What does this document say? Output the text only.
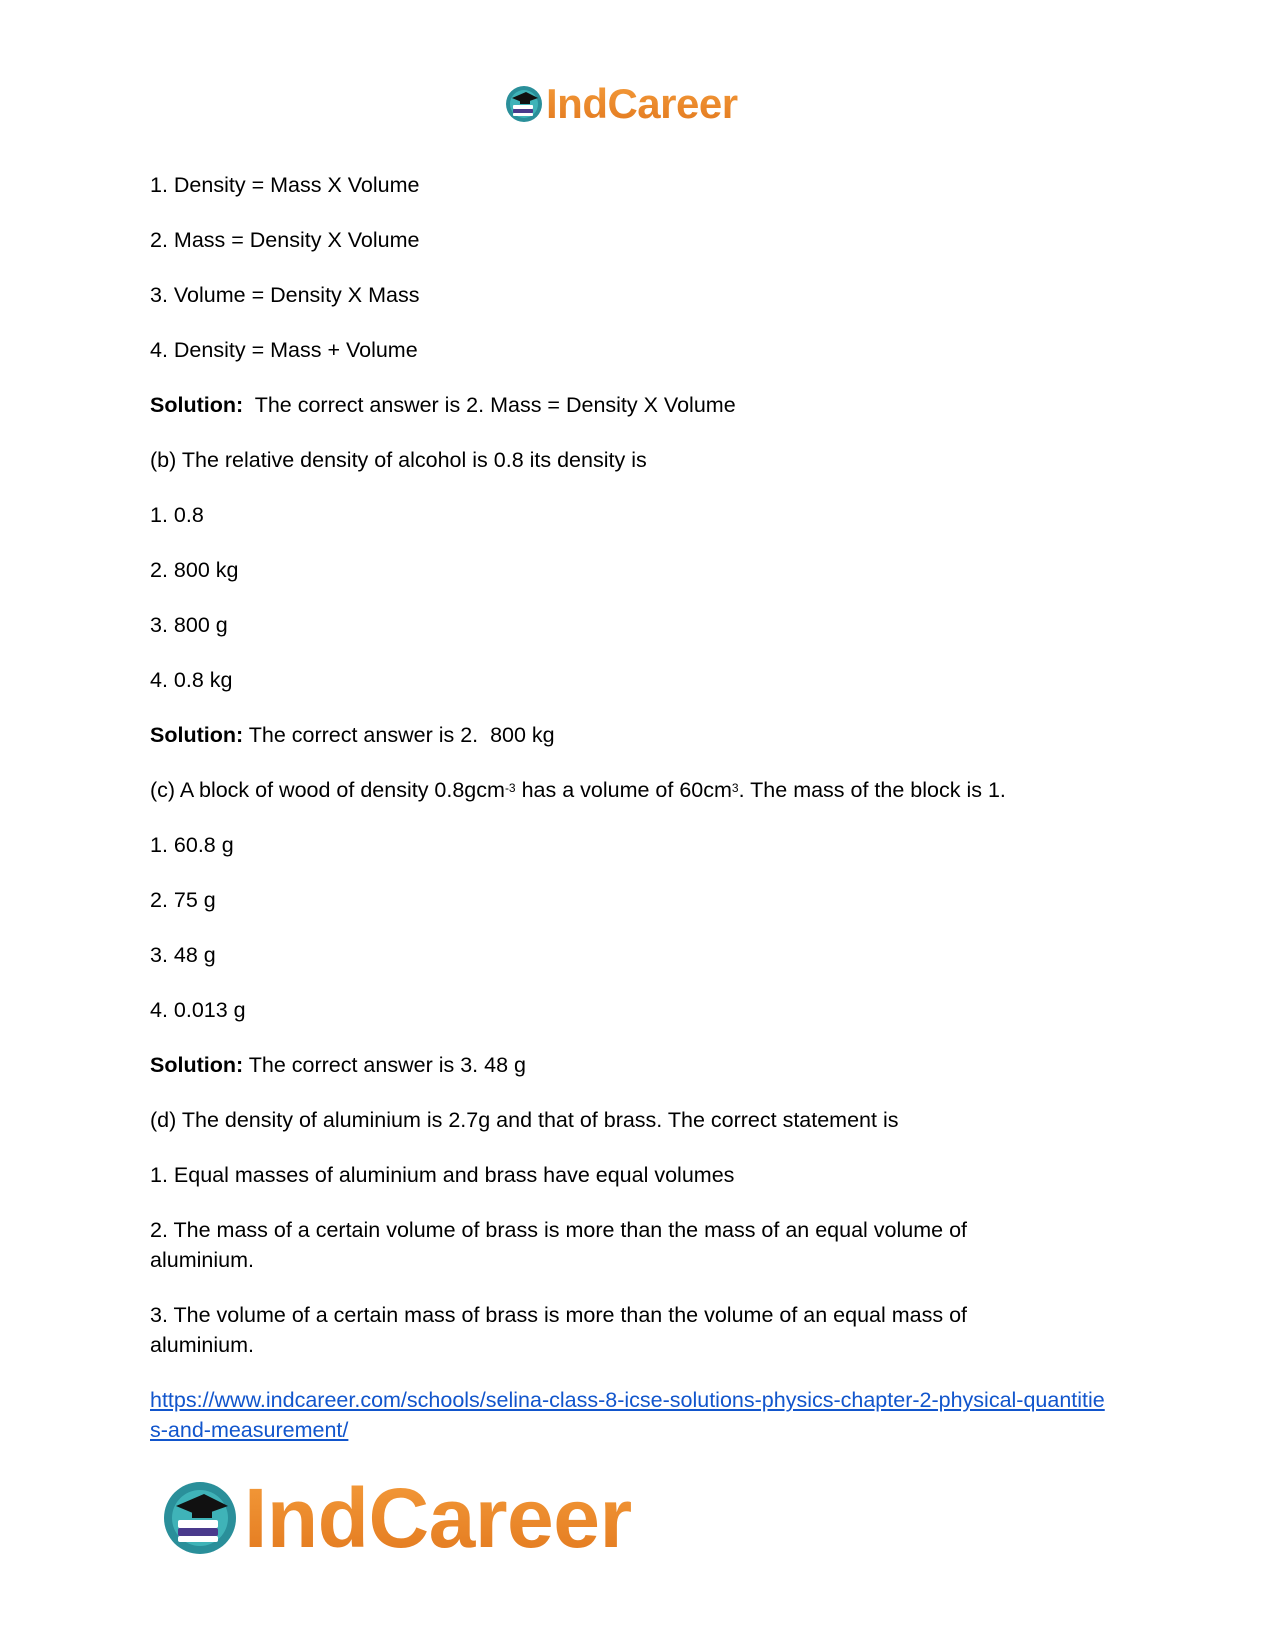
IndCareer
1. Density = Mass X Volume
2. Mass = Density X Volume
3. Volume = Density X Mass
4. Density = Mass + Volume
Solution:  The correct answer is 2. Mass = Density X Volume
(b) The relative density of alcohol is 0.8 its density is
1. 0.8
2. 800 kg
3. 800 g
4. 0.8 kg
Solution: The correct answer is 2.  800 kg
(c) A block of wood of density 0.8gcm$^{-3}$ has a volume of $60cm^3$. The mass of the block is 1.
1. 60.8 g
2. 75 g
3. 48 g
4. 0.013 g
Solution: The correct answer is 3. 48 g
(d) The density of aluminium is 2.7g and that of brass. The correct statement is
1. Equal masses of aluminium and brass have equal volumes
2. The mass of a certain volume of brass is more than the mass of an equal volume of aluminium.
3. The volume of a certain mass of brass is more than the volume of an equal mass of aluminium.
https://www.indcareer.com/schools/selina-class-8-icse-solutions-physics-chapter-2-physical-quantities-and-measurement/
IndCareer
